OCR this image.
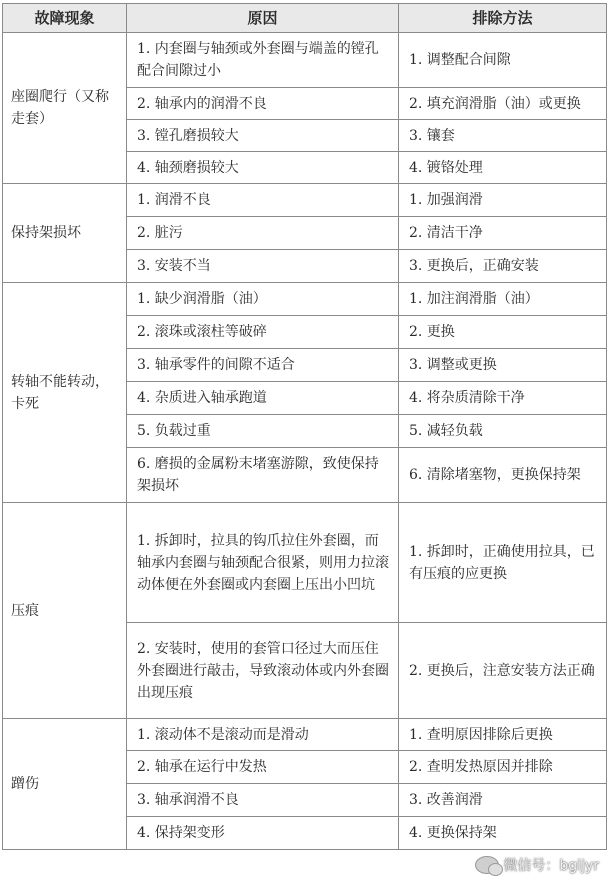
故障现象	原因	排除方法
座圈爬行（又称走套）	1. 内套圈与轴颈或外套圈与端盖的镗孔配合间隙过小	1. 调整配合间隙
	2. 轴承内的润滑不良	2. 填充润滑脂（油）或更换
	3. 镗孔磨损较大	3. 镶套
	4. 轴颈磨损较大	4. 镀铬处理
保持架损坏	1. 润滑不良	1. 加强润滑
	2. 脏污	2. 清洁干净
	3. 安装不当	3. 更换后，正确安装
转轴不能转动，卡死	1. 缺少润滑脂（油）	1. 加注润滑脂（油）
	2. 滚珠或滚柱等破碎	2. 更换
	3. 轴承零件的间隙不适合	3. 调整或更换
	4. 杂质进入轴承跑道	4. 将杂质清除干净
	5. 负载过重	5. 减轻负载
	6. 磨损的金属粉末堵塞游隙，致使保持架损坏	6. 清除堵塞物，更换保持架
压痕	1. 拆卸时，拉具的钩爪拉住外套圈，而轴承内套圈与轴颈配合很紧，则用力拉滚动体便在外套圈或内套圈上压出小凹坑	1. 拆卸时，正确使用拉具，已有压痕的应更换
	2. 安装时，使用的套管口径过大而压住外套圈进行敲击，导致滚动体或内外套圈出现压痕	2. 更换后，注意安装方法正确
蹭伤	1. 滚动体不是滚动而是滑动	1. 查明原因排除后更换
	2. 轴承在运行中发热	2. 查明发热原因并排除
	3. 轴承润滑不良	3. 改善润滑
	4. 保持架变形	4. 更换保持架
微信号：bgljyr
